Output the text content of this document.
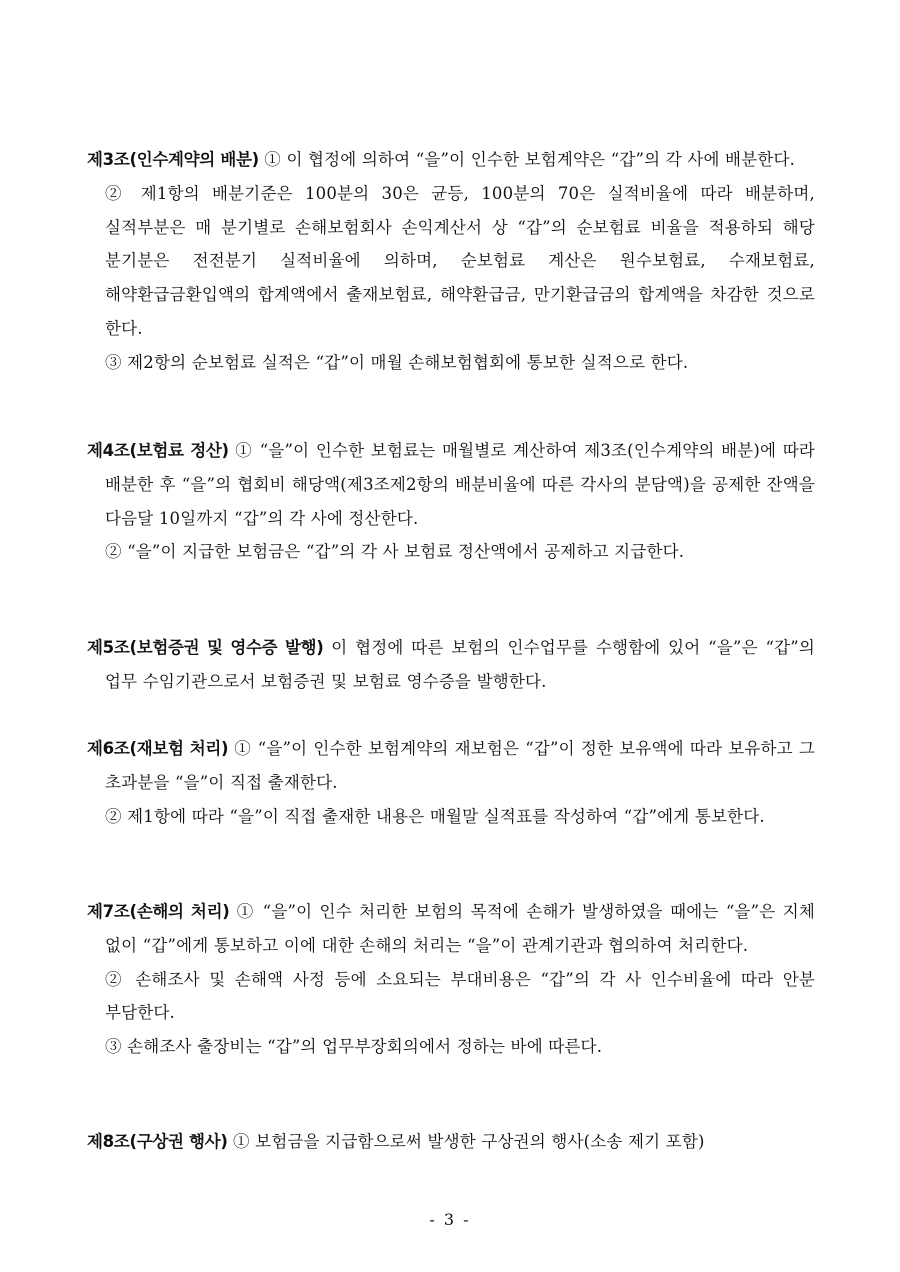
제3조(인수계약의 배분) ① 이 협정에 의하여 “을”이 인수한 보험계약은 “갑”의 각 사에 배분한다.

② 제1항의 배분기준은 100분의 30은 균등, 100분의 70은 실적비율에 따라 배분하며, 실적부분은 매 분기별로 손해보험회사 손익계산서 상 “갑”의 순보험료 비율을 적용하되 해당 분기분은 전전분기 실적비율에 의하며, 순보험료 계산은 원수보험료, 수재보험료, 해약환급금환입액의 합계액에서 출재보험료, 해약환급금, 만기환급금의 합계액을 차감한 것으로 한다.

③ 제2항의 순보험료 실적은 “갑”이 매월 손해보험협회에 통보한 실적으로 한다.

제4조(보험료 정산) ① “을”이 인수한 보험료는 매월별로 계산하여 제3조(인수계약의 배분)에 따라 배분한 후 “을”의 협회비 해당액(제3조제2항의 배분비율에 따른 각사의 분담액)을 공제한 잔액을 다음달 10일까지 “갑”의 각 사에 정산한다.

② “을”이 지급한 보험금은 “갑”의 각 사 보험료 정산액에서 공제하고 지급한다.

제5조(보험증권 및 영수증 발행) 이 협정에 따른 보험의 인수업무를 수행함에 있어 “을”은 “갑”의 업무 수임기관으로서 보험증권 및 보험료 영수증을 발행한다.

제6조(재보험 처리) ① “을”이 인수한 보험계약의 재보험은 “갑”이 정한 보유액에 따라 보유하고 그 초과분을 “을”이 직접 출재한다.

② 제1항에 따라 “을”이 직접 출재한 내용은 매월말 실적표를 작성하여 “갑”에게 통보한다.

제7조(손해의 처리) ① “을”이 인수 처리한 보험의 목적에 손해가 발생하였을 때에는 “을”은 지체 없이 “갑”에게 통보하고 이에 대한 손해의 처리는 “을”이 관계기관과 협의하여 처리한다.

② 손해조사 및 손해액 사정 등에 소요되는 부대비용은 “갑”의 각 사 인수비율에 따라 안분 부담한다.

③ 손해조사 출장비는 “갑”의 업무부장회의에서 정하는 바에 따른다.

제8조(구상권 행사) ① 보험금을 지급함으로써 발생한 구상권의 행사(소송 제기 포함)

- 3 -
